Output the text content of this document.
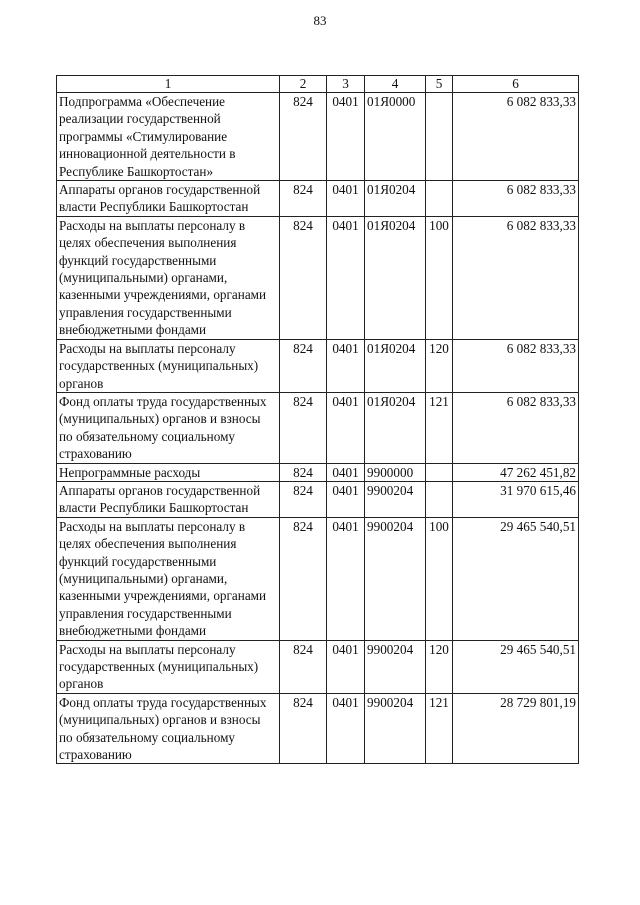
83
1	2	3	4	5	6
Подпрограмма «Обеспечение реализации государственной программы «Стимулирование инновационной деятельности в Республике Башкортостан»	824	0401	01Я0000		6 082 833,33
Аппараты органов государственной власти Республики Башкортостан	824	0401	01Я0204		6 082 833,33
Расходы на выплаты персоналу в целях обеспечения выполнения функций государственными (муниципальными) органами, казенными учреждениями, органами управления государственными внебюджетными фондами	824	0401	01Я0204	100	6 082 833,33
Расходы на выплаты персоналу государственных (муниципальных) органов	824	0401	01Я0204	120	6 082 833,33
Фонд оплаты труда государственных (муниципальных) органов и взносы по обязательному социальному страхованию	824	0401	01Я0204	121	6 082 833,33
Непрограммные расходы	824	0401	9900000		47 262 451,82
Аппараты органов государственной власти Республики Башкортостан	824	0401	9900204		31 970 615,46
Расходы на выплаты персоналу в целях обеспечения выполнения функций государственными (муниципальными) органами, казенными учреждениями, органами управления государственными внебюджетными фондами	824	0401	9900204	100	29 465 540,51
Расходы на выплаты персоналу государственных (муниципальных) органов	824	0401	9900204	120	29 465 540,51
Фонд оплаты труда государственных (муниципальных) органов и взносы по обязательному социальному страхованию	824	0401	9900204	121	28 729 801,19
